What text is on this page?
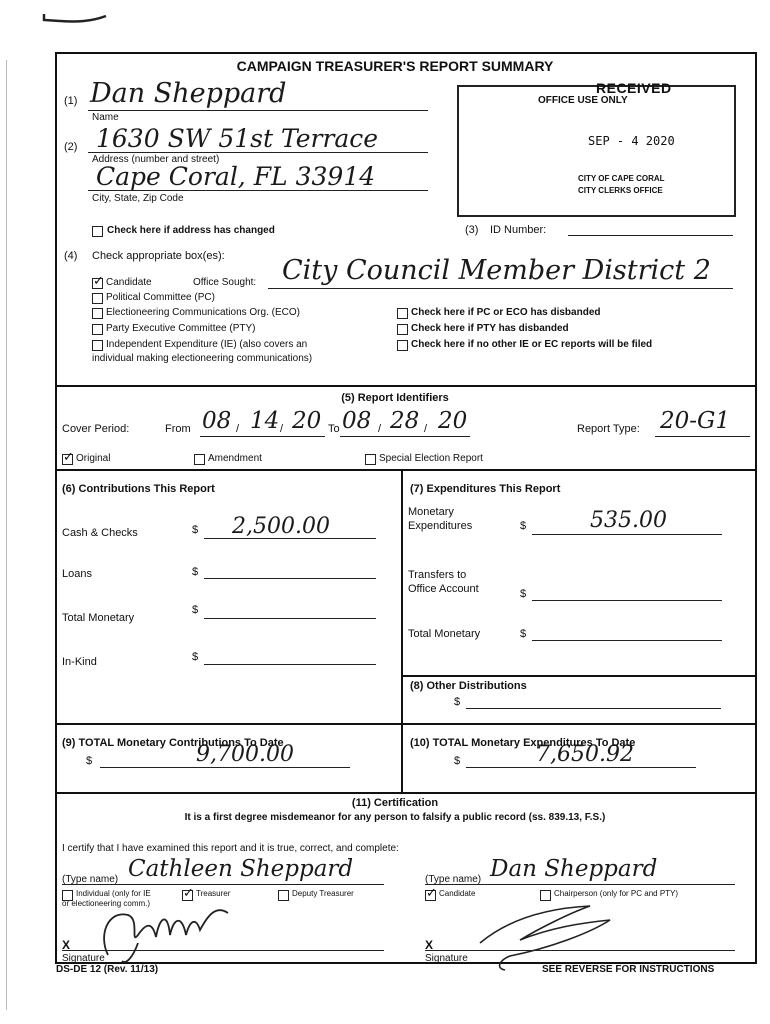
CAMPAIGN TREASURER'S REPORT SUMMARY
(1) Dan Sheppard
Name
(2) 1630 SW 51st Terrace
Address (number and street)
Cape Coral, FL 33914
City, State, Zip Code
Check here if address has changed
OFFICE USE ONLY
RECEIVED
SEP - 4 2020
CITY OF CAPE CORAL
CITY CLERKS OFFICE
(3) ID Number:
(4) Check appropriate box(es):
✓
Candidate	Office Sought: City Council Member District 2
Political Committee (PC)
Electioneering Communications Org. (ECO)
Party Executive Committee (PTY)
Independent Expenditure (IE) (also covers an
individual making electioneering communications)
Check here if PC or ECO has disbanded
Check here if PTY has disbanded
Check here if no other IE or EC reports will be filed
(5) Report Identifiers
Cover Period:	From 08 / 14 / 20 To 08 / 28 / 20	Report Type: 20-G1
✓
Original	Amendment	Special Election Report
(6) Contributions This Report
Cash & Checks	$ 2,500.00
Loans	$
Total Monetary
$
In-Kind	$
(7) Expenditures This Report
Monetary
Expenditures	$	535.00
Transfers to
Office Account	$
Total Monetary	$
(8) Other Distributions
$
(9) TOTAL Monetary Contributions To Date
$	9,700.00	(10) TOTAL Monetary Expenditures To Date
$	7,650.92
(11) Certification
It is a first degree misdemeanor for any person to falsify a public record (ss. 839.13, F.S.)
I certify that I have examined this report and it is true, correct, and complete:
(Type name) Cathleen Sheppard
Individual (only for IE
or electioneering comm.)
✓
Treasurer	Deputy Treasurer
X
Signature
(Type name) Dan Sheppard
✓
Candidate	Chairperson (only for PC and PTY)
X
Signature
DS-DE 12 (Rev. 11/13)	SEE REVERSE FOR INSTRUCTIONS
